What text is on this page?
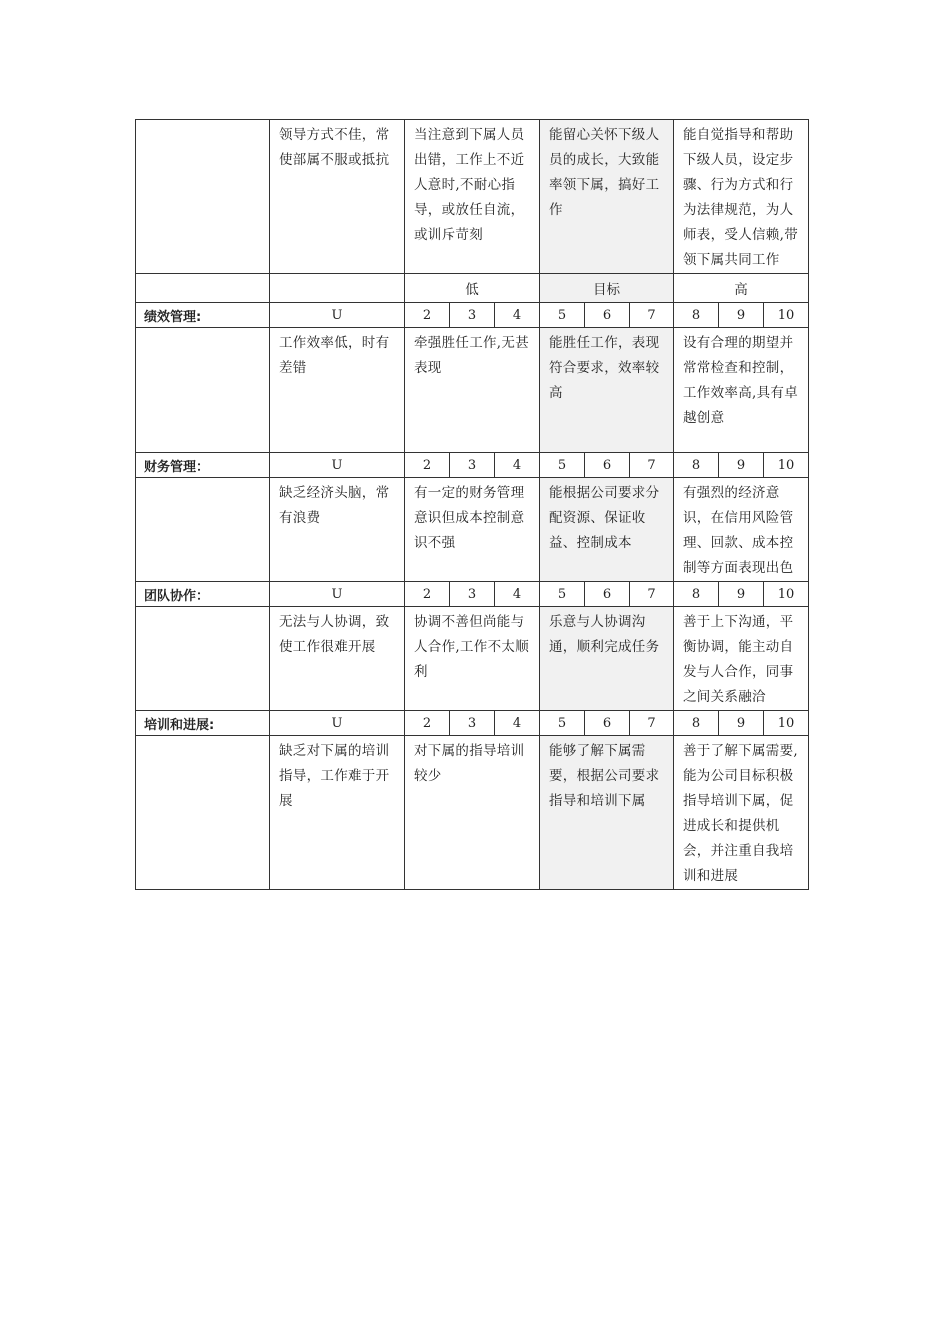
	领导方式不佳，常使部属不服或抵抗	当注意到下属人员出错，工作上不近人意时,不耐心指导，或放任自流，或训斥苛刻			能留心关怀下级人员的成长，大致能率领下属，搞好工作			能自觉指导和帮助下级人员，设定步骤、行为方式和行为法律规范，为人师表，受人信赖,带领下属共同工作		

		低			目标			高		
绩效管理:	U	2	3	4	5	6	7	8	9	10

	工作效率低，时有差错	牵强胜任工作,无甚表现			能胜任工作，表现符合要求，效率较高			设有合理的期望并常常检查和控制，工作效率高,具有卓越创意		

财务管理：	U	2	3	4	5	6	7	8	9	10

	缺乏经济头脑，常有浪费	有一定的财务管理意识但成本控制意识不强			能根据公司要求分配资源、保证收益、控制成本			有强烈的经济意识，在信用风险管理、回款、成本控制等方面表现出色		

团队协作：	U	2	3	4	5	6	7	8	9	10

	无法与人协调，致使工作很难开展	协调不善但尚能与人合作,工作不太顺利			乐意与人协调沟通，顺利完成任务			善于上下沟通，平衡协调，能主动自发与人合作，同事之间关系融洽		

培训和进展:	U	2	3	4	5	6	7	8	9	10

	缺乏对下属的培训指导，工作难于开展	对下属的指导培训较少			能够了解下属需要，根据公司要求指导和培训下属			善于了解下属需要,能为公司目标积极指导培训下属，促进成长和提供机会，并注重自我培训和进展		
